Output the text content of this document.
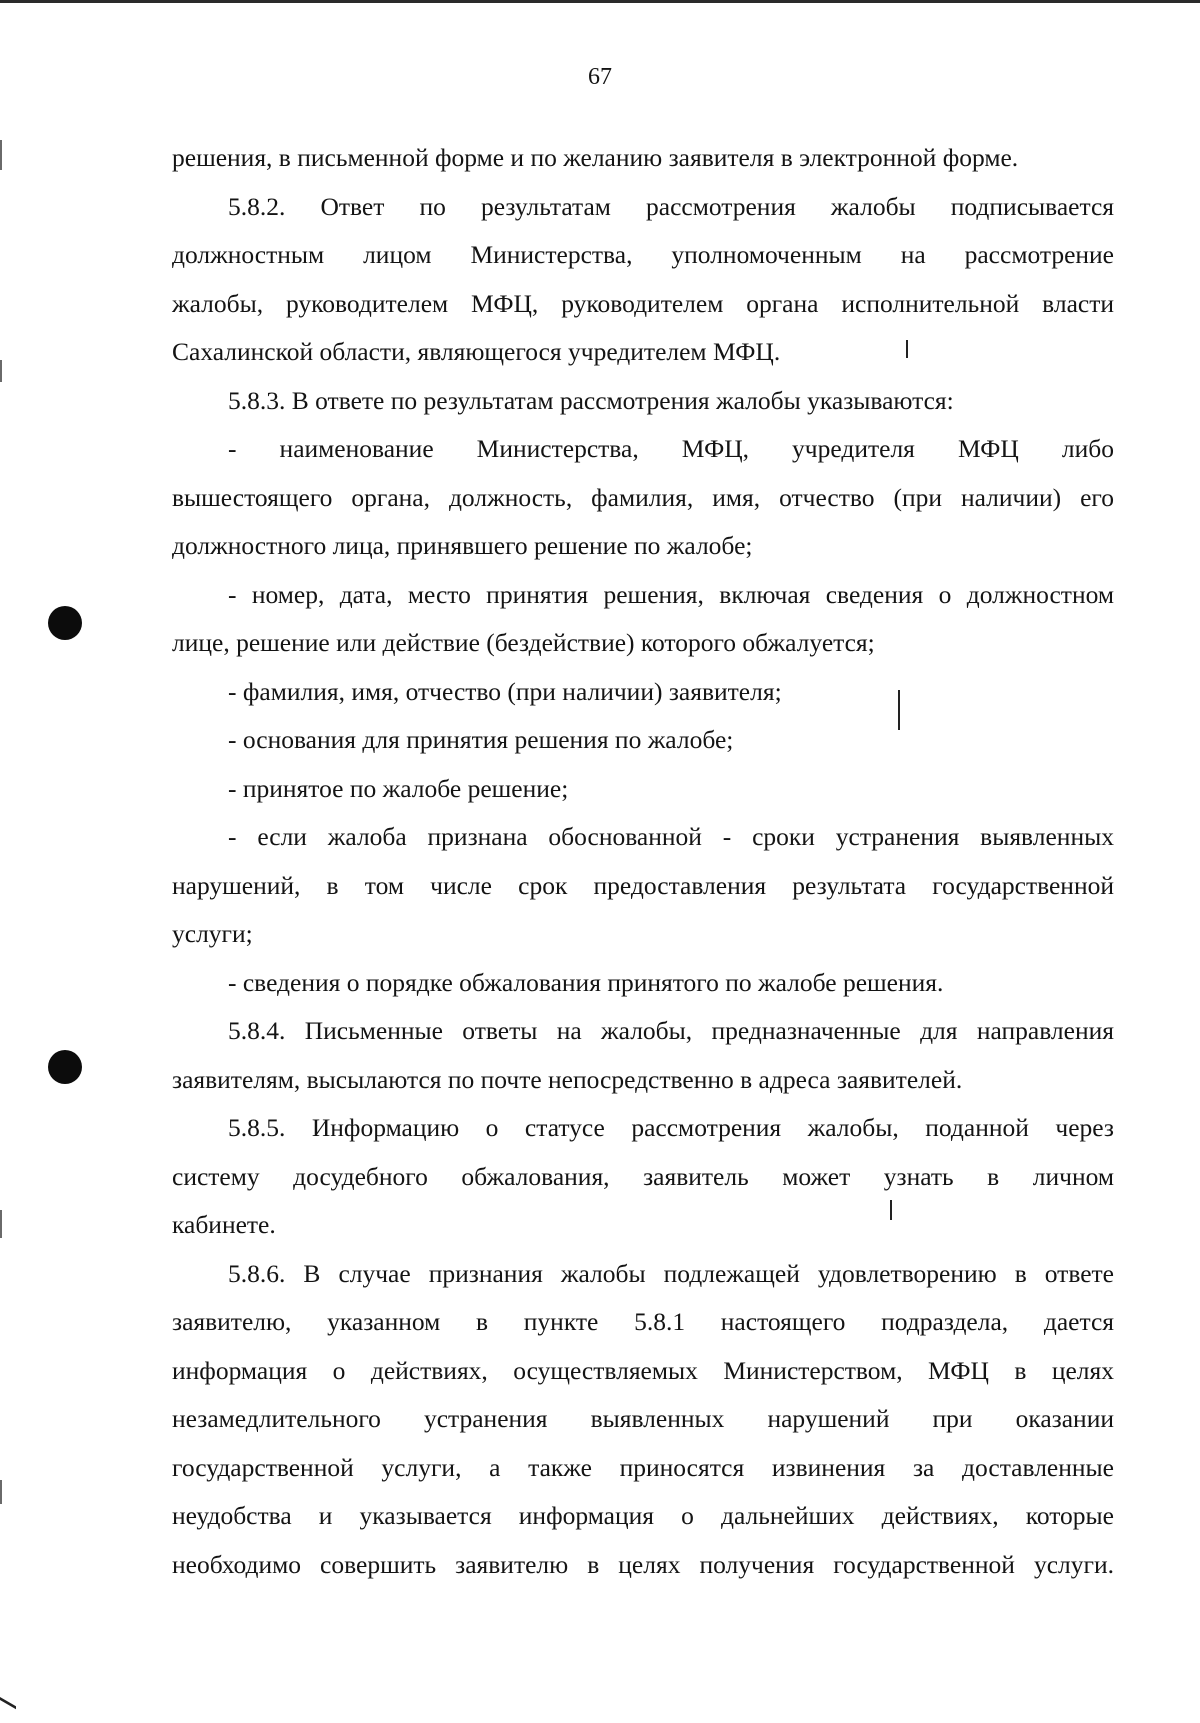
67
решения, в письменной форме и по желанию заявителя в электронной форме.
5.8.2. Ответ по результатам рассмотрения жалобы подписывается
должностным лицом Министерства, уполномоченным на рассмотрение
жалобы, руководителем МФЦ, руководителем органа исполнительной власти
Сахалинской области, являющегося учредителем МФЦ.
5.8.3. В ответе по результатам рассмотрения жалобы указываются:
- наименование Министерства, МФЦ, учредителя МФЦ либо
вышестоящего органа, должность, фамилия, имя, отчество (при наличии) его
должностного лица, принявшего решение по жалобе;
- номер, дата, место принятия решения, включая сведения о должностном
лице, решение или действие (бездействие) которого обжалуется;
- фамилия, имя, отчество (при наличии) заявителя;
- основания для принятия решения по жалобе;
- принятое по жалобе решение;
- если жалоба признана обоснованной - сроки устранения выявленных
нарушений, в том числе срок предоставления результата государственной
услуги;
- сведения о порядке обжалования принятого по жалобе решения.
5.8.4. Письменные ответы на жалобы, предназначенные для направления
заявителям, высылаются по почте непосредственно в адреса заявителей.
5.8.5. Информацию о статусе рассмотрения жалобы, поданной через
систему досудебного обжалования, заявитель может узнать в личном
кабинете.
5.8.6. В случае признания жалобы подлежащей удовлетворению в ответе
заявителю, указанном в пункте 5.8.1 настоящего подраздела, дается
информация о действиях, осуществляемых Министерством, МФЦ в целях
незамедлительного устранения выявленных нарушений при оказании
государственной услуги, а также приносятся извинения за доставленные
неудобства и указывается информация о дальнейших действиях, которые
необходимо совершить заявителю в целях получения государственной услуги.
